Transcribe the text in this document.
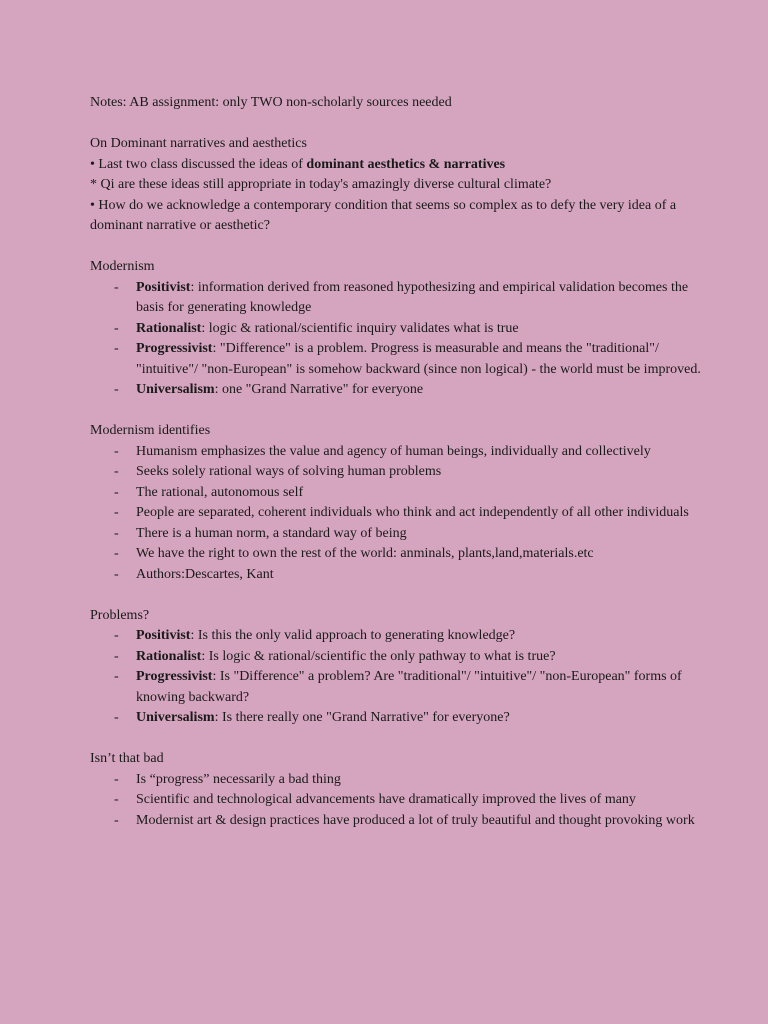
Notes: AB assignment: only TWO non-scholarly sources needed

On Dominant narratives and aesthetics

• Last two class discussed the ideas of dominant aesthetics & narratives

* Qi are these ideas still appropriate in today's amazingly diverse cultural climate?

• How do we acknowledge a contemporary condition that seems so complex as to defy the very idea of a dominant narrative or aesthetic?

Modernism

- Positivist: information derived from reasoned hypothesizing and empirical validation becomes the basis for generating knowledge
- Rationalist: logic & rational/scientific inquiry validates what is true
- Progressivist: "Difference" is a problem. Progress is measurable and means the "traditional"/ "intuitive"/ "non-European" is somehow backward (since non logical) - the world must be improved.
- Universalism: one "Grand Narrative" for everyone

Modernism identifies

- Humanism emphasizes the value and agency of human beings, individually and collectively
- Seeks solely rational ways of solving human problems
- The rational, autonomous self
- People are separated, coherent individuals who think and act independently of all other individuals
- There is a human norm, a standard way of being
- We have the right to own the rest of the world: anminals, plants,land,materials.etc
- Authors:Descartes, Kant

Problems?

- Positivist: Is this the only valid approach to generating knowledge?
- Rationalist: Is logic & rational/scientific the only pathway to what is true?
- Progressivist: Is "Difference" a problem? Are "traditional"/ "intuitive"/ "non-European" forms of knowing backward?
- Universalism: Is there really one "Grand Narrative" for everyone?

Isn’t that bad

- Is “progress” necessarily a bad thing
- Scientific and technological advancements have dramatically improved the lives of many
- Modernist art & design practices have produced a lot of truly beautiful and thought provoking work
